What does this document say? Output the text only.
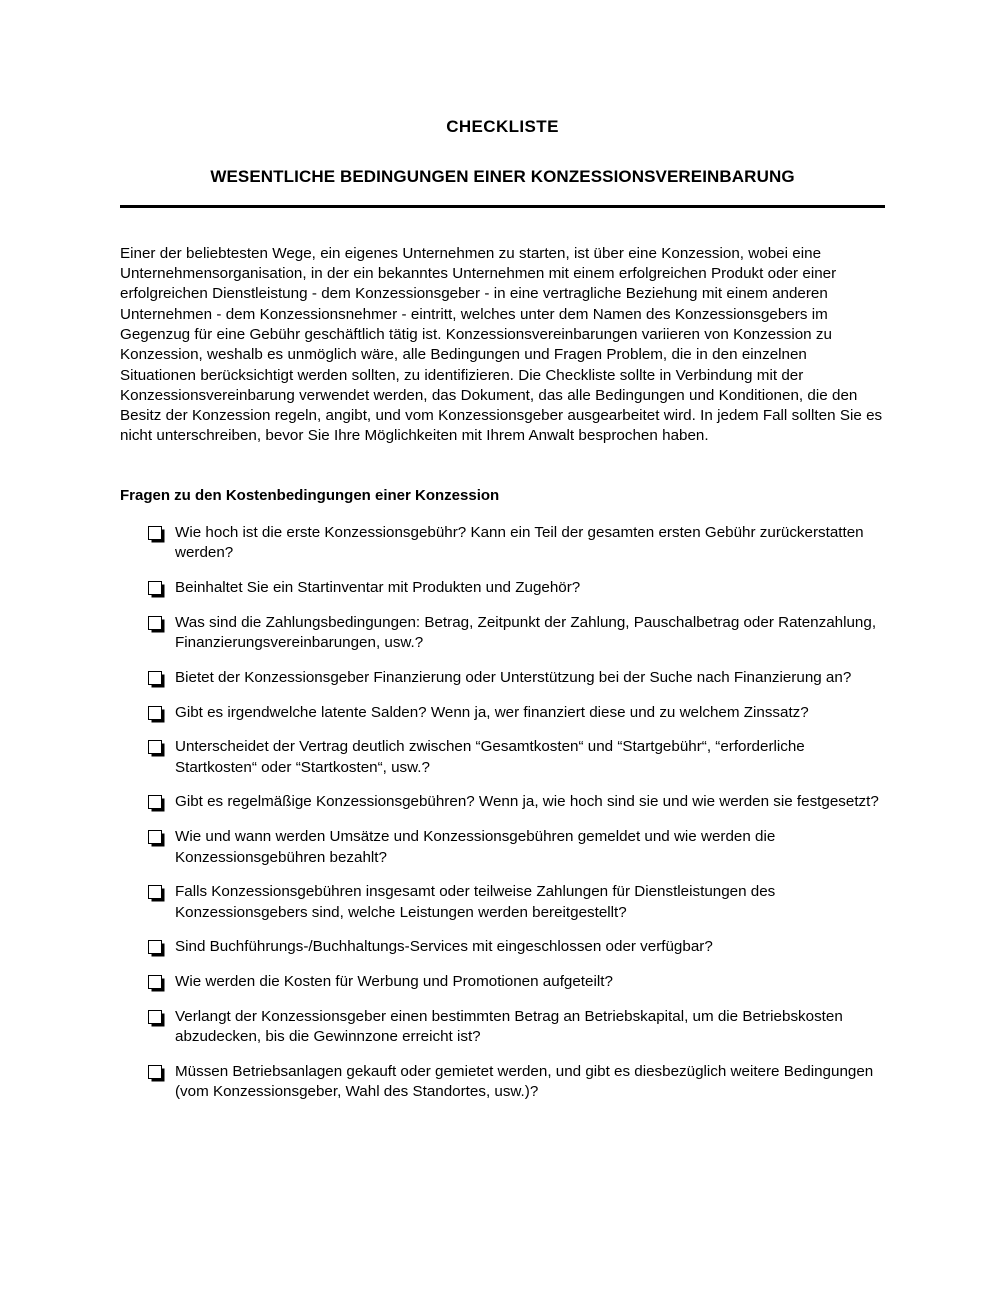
CHECKLISTE
WESENTLICHE BEDINGUNGEN EINER KONZESSIONSVEREINBARUNG

Einer der beliebtesten Wege, ein eigenes Unternehmen zu starten, ist über eine Konzession, wobei eine Unternehmensorganisation, in der ein bekanntes Unternehmen mit einem erfolgreichen Produkt oder einer erfolgreichen Dienstleistung - dem Konzessionsgeber - in eine vertragliche Beziehung mit einem anderen Unternehmen - dem Konzessionsnehmer - eintritt, welches unter dem Namen des Konzessionsgebers im Gegenzug für eine Gebühr geschäftlich tätig ist. Konzessionsvereinbarungen variieren von Konzession zu Konzession, weshalb es unmöglich wäre, alle Bedingungen und Fragen Problem, die in den einzelnen Situationen berücksichtigt werden sollten, zu identifizieren. Die Checkliste sollte in Verbindung mit der Konzessionsvereinbarung verwendet werden, das Dokument, das alle Bedingungen und Konditionen, die den Besitz der Konzession regeln, angibt, und vom Konzessionsgeber ausgearbeitet wird. In jedem Fall sollten Sie es nicht unterschreiben, bevor Sie Ihre Möglichkeiten mit Ihrem Anwalt besprochen haben.

Fragen zu den Kostenbedingungen einer Konzession
Wie hoch ist die erste Konzessionsgebühr? Kann ein Teil der gesamten ersten Gebühr zurückerstatten werden?
Beinhaltet Sie ein Startinventar mit Produkten und Zugehör?
Was sind die Zahlungsbedingungen: Betrag, Zeitpunkt der Zahlung, Pauschalbetrag oder Ratenzahlung, Finanzierungsvereinbarungen, usw.?
Bietet der Konzessionsgeber Finanzierung oder Unterstützung bei der Suche nach Finanzierung an?
Gibt es irgendwelche latente Salden? Wenn ja, wer finanziert diese und zu welchem Zinssatz?
Unterscheidet der Vertrag deutlich zwischen “Gesamtkosten“ und “Startgebühr“, “erforderliche Startkosten“ oder “Startkosten“, usw.?
Gibt es regelmäßige Konzessionsgebühren? Wenn ja, wie hoch sind sie und wie werden sie festgesetzt?
Wie und wann werden Umsätze und Konzessionsgebühren gemeldet und wie werden die Konzessionsgebühren bezahlt?
Falls Konzessionsgebühren insgesamt oder teilweise Zahlungen für Dienstleistungen des Konzessionsgebers sind, welche Leistungen werden bereitgestellt?
Sind Buchführungs-/Buchhaltungs-Services mit eingeschlossen oder verfügbar?
Wie werden die Kosten für Werbung und Promotionen aufgeteilt?
Verlangt der Konzessionsgeber einen bestimmten Betrag an Betriebskapital, um die Betriebskosten abzudecken, bis die Gewinnzone erreicht ist?
Müssen Betriebsanlagen gekauft oder gemietet werden, und gibt es diesbezüglich weitere Bedingungen (vom Konzessionsgeber, Wahl des Standortes, usw.)?
